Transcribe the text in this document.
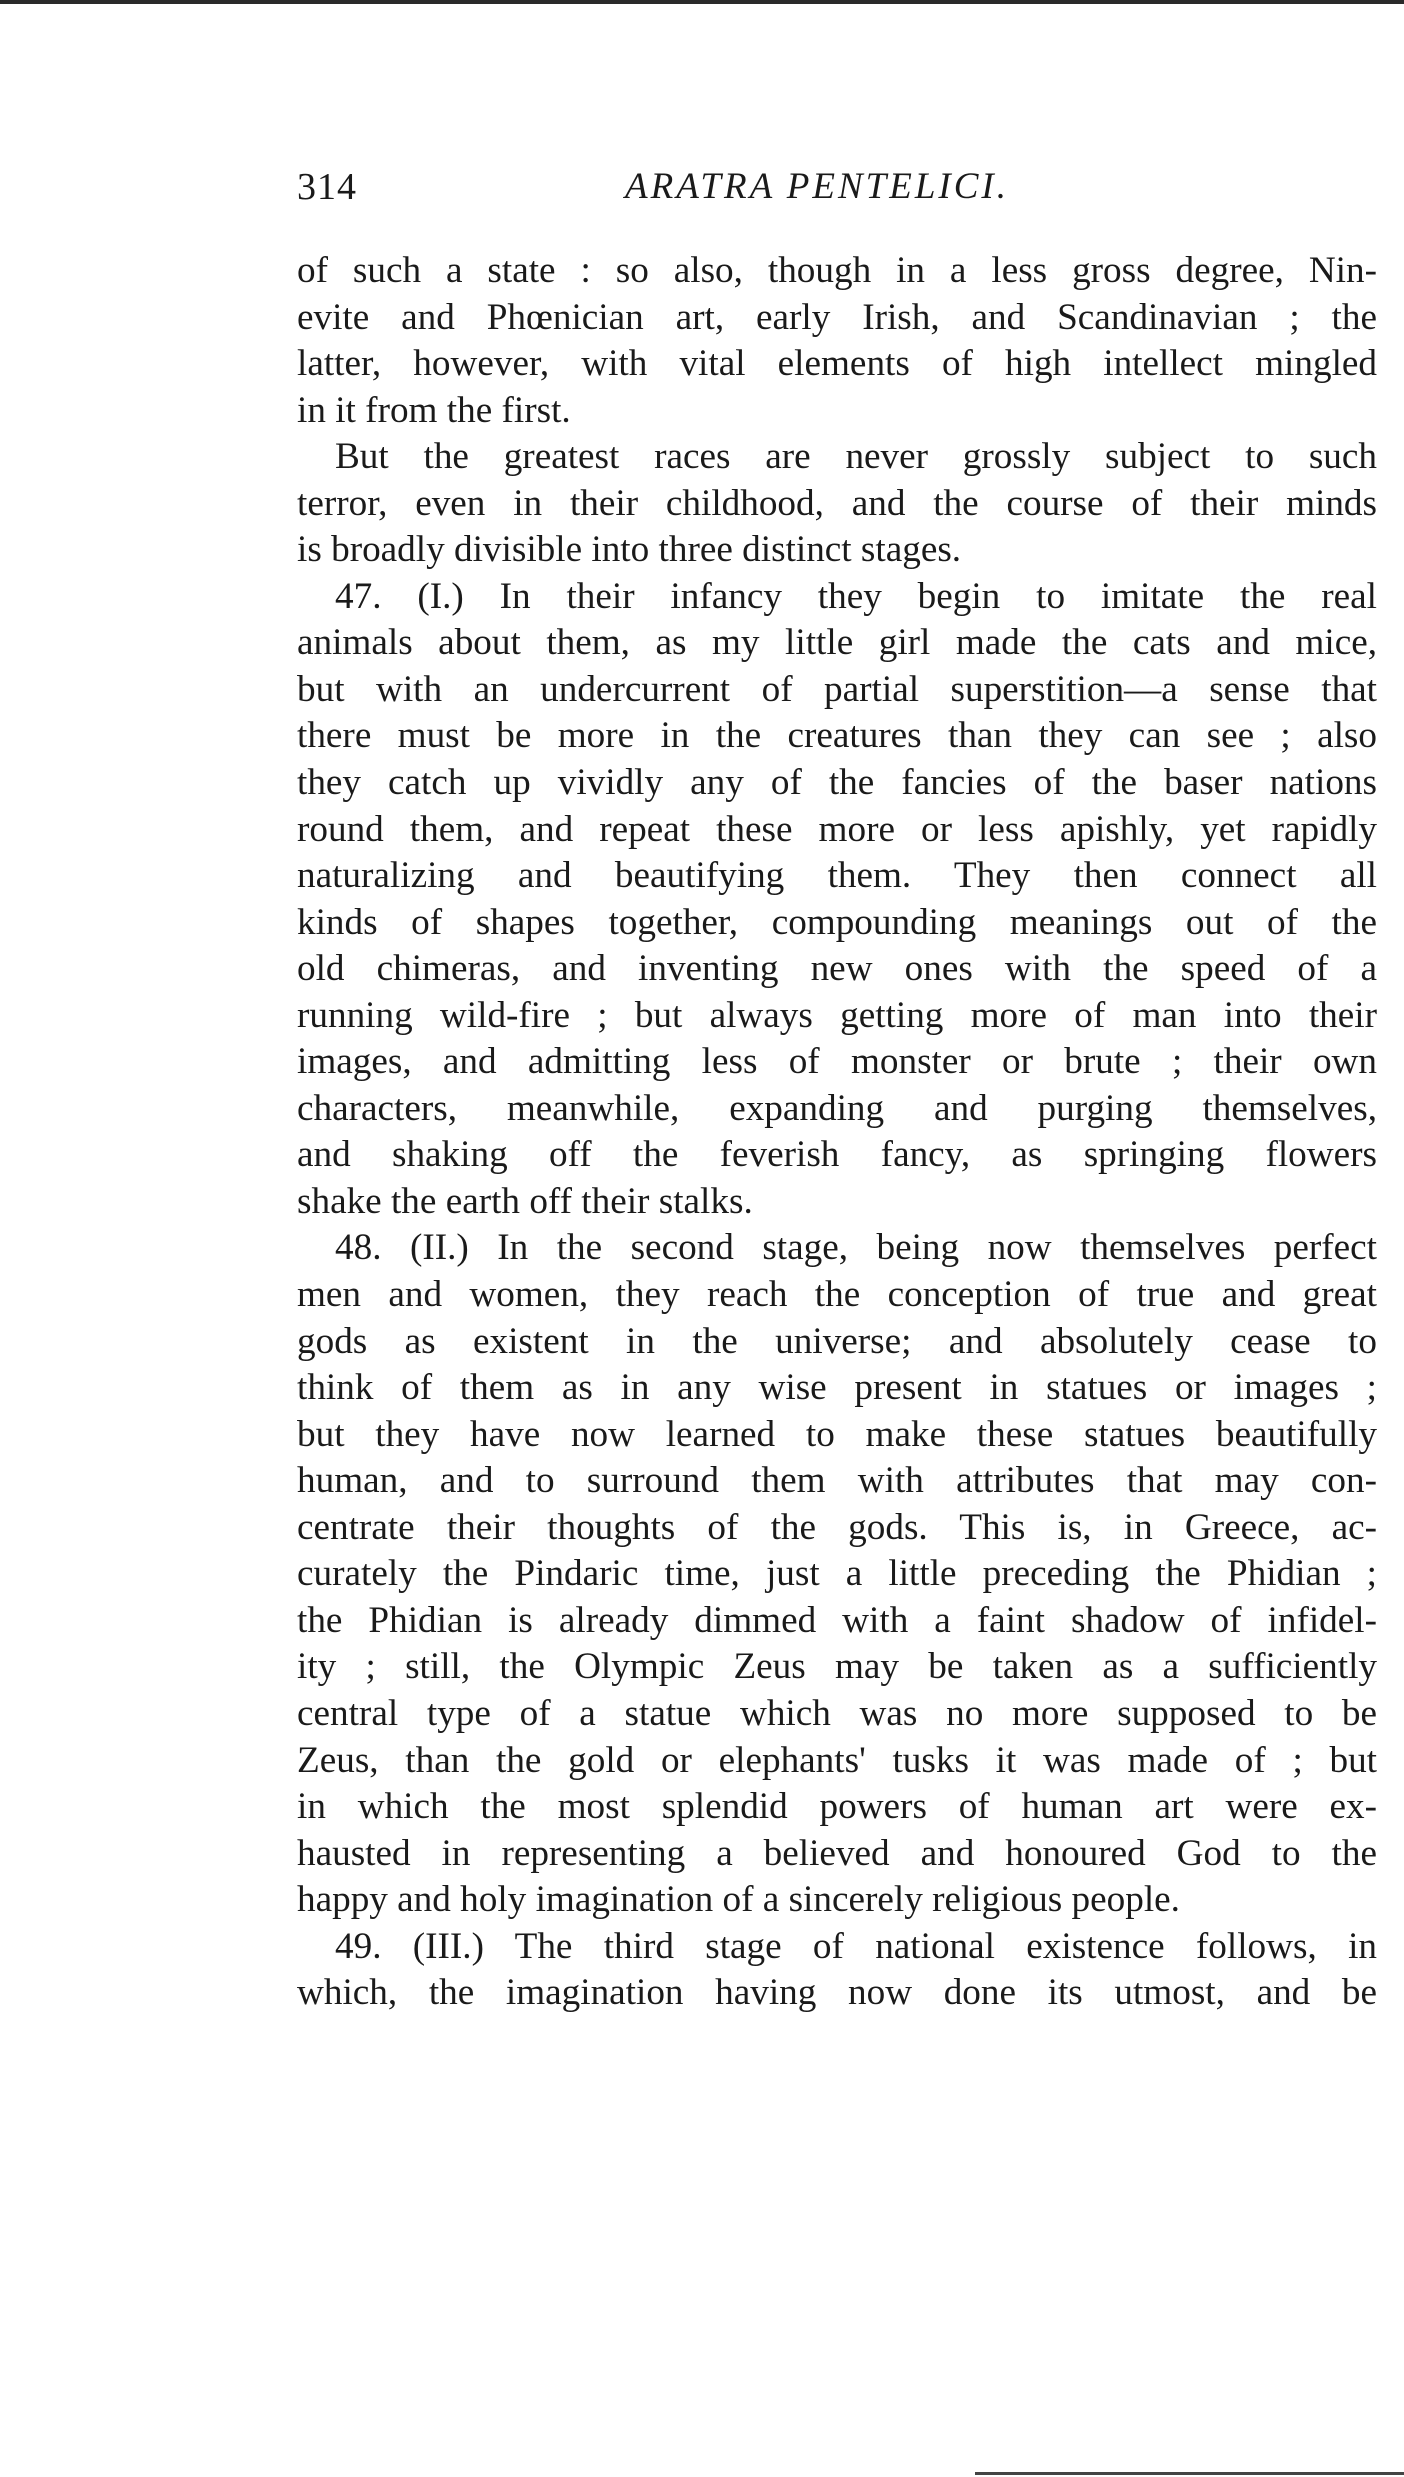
314	ARATRA PENTELICI.
of such a state : so also, though in a less gross degree, Nin-
evite and Phœnician art, early Irish, and Scandinavian ; the
latter, however, with vital elements of high intellect mingled
in it from the first.
But the greatest races are never grossly subject to such
terror, even in their childhood, and the course of their minds
is broadly divisible into three distinct stages.
47. (I.) In their infancy they begin to imitate the real
animals about them, as my little girl made the cats and mice,
but with an undercurrent of partial superstition—a sense that
there must be more in the creatures than they can see ; also
they catch up vividly any of the fancies of the baser nations
round them, and repeat these more or less apishly, yet rapidly
naturalizing and beautifying them. They then connect all
kinds of shapes together, compounding meanings out of the
old chimeras, and inventing new ones with the speed of a
running wild-fire ; but always getting more of man into their
images, and admitting less of monster or brute ; their own
characters, meanwhile, expanding and purging themselves,
and shaking off the feverish fancy, as springing flowers
shake the earth off their stalks.
48. (II.) In the second stage, being now themselves perfect
men and women, they reach the conception of true and great
gods as existent in the universe; and absolutely cease to
think of them as in any wise present in statues or images ;
but they have now learned to make these statues beautifully
human, and to surround them with attributes that may con-
centrate their thoughts of the gods. This is, in Greece, ac-
curately the Pindaric time, just a little preceding the Phidian ;
the Phidian is already dimmed with a faint shadow of infidel-
ity ; still, the Olympic Zeus may be taken as a sufficiently
central type of a statue which was no more supposed to be
Zeus, than the gold or elephants' tusks it was made of ; but
in which the most splendid powers of human art were ex-
hausted in representing a believed and honoured God to the
happy and holy imagination of a sincerely religious people.
49. (III.) The third stage of national existence follows, in
which, the imagination having now done its utmost, and be
